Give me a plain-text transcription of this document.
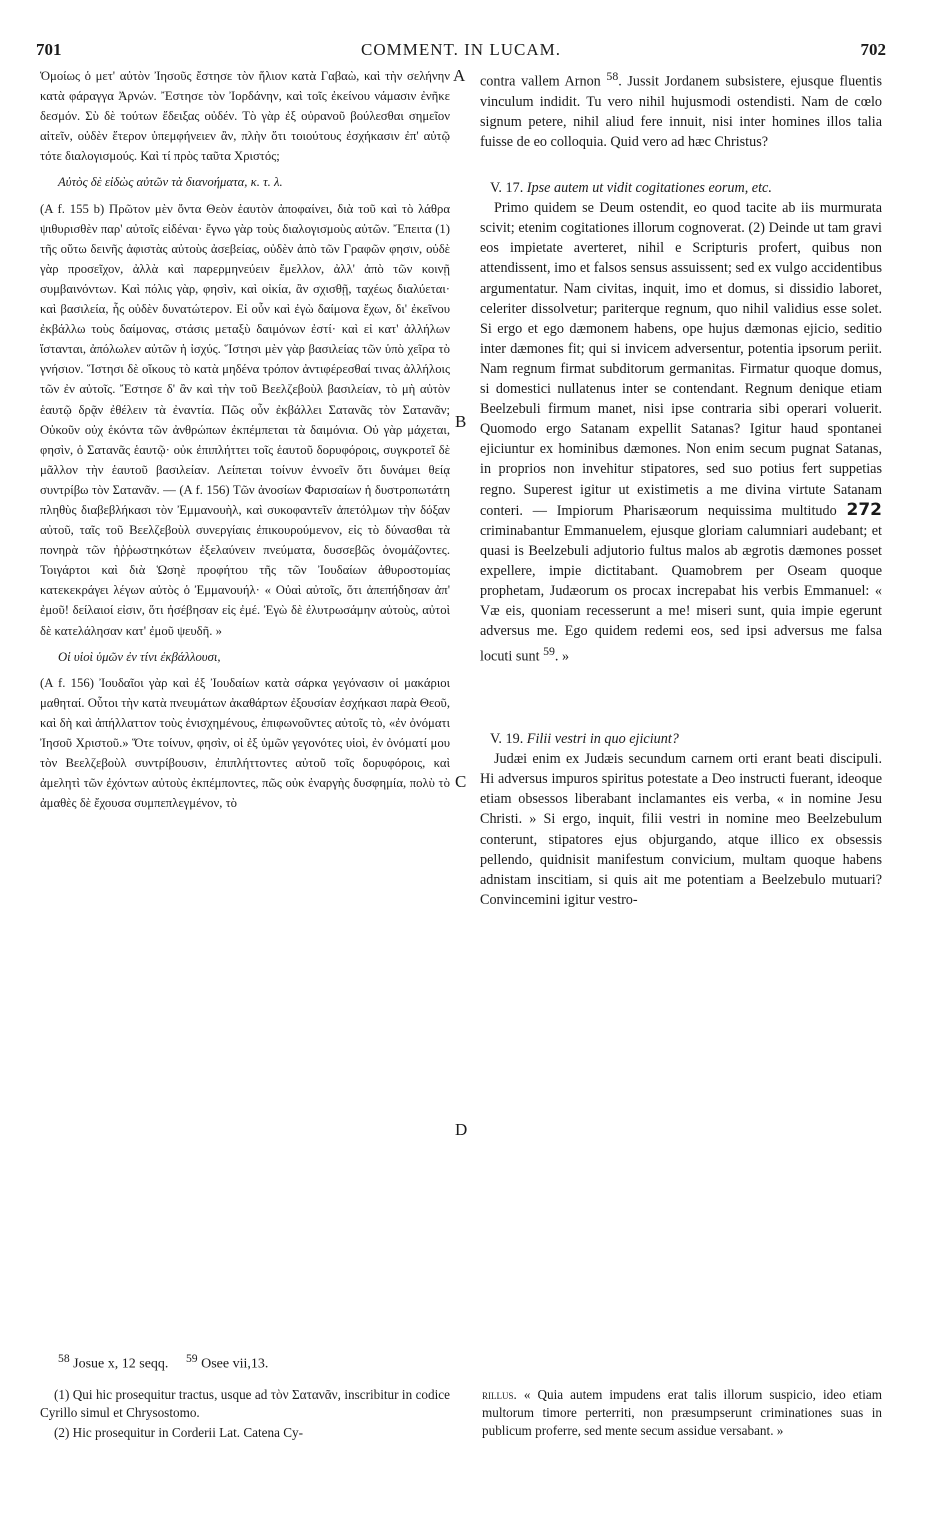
701	COMMENT. IN LUCAM.	702

Ὁμοίως ὁ μετ' αὐτὸν Ἰησοῦς ἔστησε τὸν ἥλιον κατὰ Γαβαὼ, καὶ τὴν σελήνην κατὰ φάραγγα Ἀρνών. Ἔστησε τὸν Ἰορδάνην, καὶ τοῖς ἐκείνου νάμασιν ἐνῆκε δεσμόν. Σὺ δὲ τούτων ἔδειξας οὐδέν. Τὸ γὰρ ἐξ οὐρανοῦ βούλεσθαι σημεῖον αἰτεῖν, οὐδὲν ἕτερον ὑπεμφήνειεν ἂν, πλὴν ὅτι τοιούτους ἐσχήκασιν ἐπ' αὐτῷ τότε διαλογισμούς. Καὶ τί πρὸς ταῦτα Χριστός;

Αὐτὸς δὲ εἰδὼς αὐτῶν τὰ διανοήματα, κ. τ. λ.

(A f. 155 b) Πρῶτον μὲν ὄντα Θεὸν ἑαυτὸν ἀποφαίνει, διὰ τοῦ καὶ τὸ λάθρα ψιθυρισθὲν παρ' αὐτοῖς εἰδέναι· ἔγνω γὰρ τοὺς διαλογισμοὺς αὐτῶν. Ἔπειτα (1) τῆς οὕτω δεινῆς ἀφιστὰς αὐτοὺς ἀσεβείας, οὐδὲν ἀπὸ τῶν Γραφῶν φησιν, οὐδὲ γὰρ προσεῖχον, ἀλλὰ καὶ παρερμηνεύειν ἔμελλον, ἀλλ' ἀπὸ τῶν κοινῇ συμβαινόντων. Καὶ πόλις γὰρ, φησὶν, καὶ οἰκία, ἂν σχισθῇ, ταχέως διαλύεται· καὶ βασιλεία, ἧς οὐδὲν δυνατώτερον. Εἰ οὖν καὶ ἐγὼ δαίμονα ἔχων, δι' ἐκεῖνου ἐκβάλλω τοὺς δαίμονας, στάσις μεταξὺ δαιμόνων ἐστί· καὶ εἰ κατ' ἀλλήλων ἵστανται, ἀπόλωλεν αὐτῶν ἡ ἰσχύς. Ἵστησι μὲν γὰρ βασιλείας τῶν ὑπὸ χεῖρα τὸ γνήσιον. Ἵστησι δὲ οἴκους τὸ κατὰ μηδένα τρόπον ἀντιφέρεσθαί τινας ἀλλήλοις τῶν ἐν αὐτοῖς. Ἔστησε δ' ἂν καὶ τὴν τοῦ Βεελζεβοὺλ βασιλείαν, τὸ μὴ αὐτὸν ἑαυτῷ δρᾷν ἐθέλειν τὰ ἐναντία. Πῶς οὖν ἐκβάλλει Σατανᾶς τὸν Σατανᾶν; Οὐκοῦν οὐχ ἑκόντα τῶν ἀνθρώπων ἐκπέμπεται τὰ δαιμόνια. Οὐ γὰρ μάχεται, φησὶν, ὁ Σατανᾶς ἑαυτῷ· οὐκ ἐπιπλήττει τοῖς ἑαυτοῦ δορυφόροις, συγκροτεῖ δὲ μᾶλλον τὴν ἑαυτοῦ βασιλείαν. Λείπεται τοίνυν ἐννοεῖν ὅτι δυνάμει θείᾳ συντρίβω τὸν Σατανᾶν. — (A f. 156) Τῶν ἀνοσίων Φαρισαίων ἡ δυστροπωτάτη πληθὺς διαβεβλήκασι τὸν Ἐμμανουὴλ, καὶ συκοφαντεῖν ἀπετόλμων τὴν δόξαν αὐτοῦ, ταῖς τοῦ Βεελζεβοὺλ συνεργίαις ἐπικουρούμενον, εἰς τὸ δύνασθαι τὰ πονηρὰ τῶν ἠῤῥωστηκότων ἐξελαύνειν πνεύματα, δυσσεβῶς ὀνομάζοντες. Τοιγάρτοι καὶ διὰ Ὡσηὲ προφήτου τῆς τῶν Ἰουδαίων ἀθυροστομίας κατεκεκράγει λέγων αὐτὸς ὁ Ἐμμανουήλ· « Οὐαὶ αὐτοῖς, ὅτι ἀπεπήδησαν ἀπ' ἐμοῦ! δείλαιοί εἰσιν, ὅτι ἠσέβησαν εἰς ἐμέ. Ἐγὼ δὲ ἐλυτρωσάμην αὐτοὺς, αὐτοὶ δὲ κατελάλησαν κατ' ἐμοῦ ψευδῆ. »

Οἱ υἱοὶ ὑμῶν ἐν τίνι ἐκβάλλουσι,

(A f. 156) Ἰουδαῖοι γὰρ καὶ ἐξ Ἰουδαίων κατὰ σάρκα γεγόνασιν οἱ μακάριοι μαθηταί. Οὗτοι τὴν κατὰ πνευμάτων ἀκαθάρτων ἐξουσίαν ἐσχήκασι παρὰ Θεοῦ, καὶ δὴ καὶ ἀπήλλαττον τοὺς ἐνισχημένους, ἐπιφωνοῦντες αὐτοῖς τὸ, «ἐν ὀνόματι Ἰησοῦ Χριστοῦ.» Ὅτε τοίνυν, φησὶν, οἱ ἐξ ὑμῶν γεγονότες υἱοὶ, ἐν ὀνόματί μου τὸν Βεελζεβοὺλ συντρίβουσιν, ἐπιπλήττοντες αὐτοῦ τοῖς δορυφόροις, καὶ ἀμελητὶ τῶν ἐχόντων αὐτοὺς ἐκπέμποντες, πῶς οὐκ ἐναργὴς δυσφημία, πολὺ τὸ ἀμαθὲς δὲ ἔχουσα συμπεπλεγμένον, τὸ

A
B
C
D

contra vallem Arnon $^{58}$. Jussit Jordanem subsistere, ejusque fluentis vinculum indidit. Tu vero nihil hujusmodi ostendisti. Nam de cœlo signum petere, nihil aliud fere innuit, nisi inter homines illos talia fuisse de eo colloquia. Quid vero ad hæc Christus?

V. 17. Ipse autem ut vidit cogitationes eorum, etc.

Primo quidem se Deum ostendit, eo quod tacite ab iis murmurata scivit; etenim cogitationes illorum cognoverat. (2) Deinde ut tam gravi eos impietate averteret, nihil e Scripturis profert, quibus non attendissent, imo et falsos sensus assuissent; sed ex vulgo accidentibus argumentatur. Nam civitas, inquit, imo et domus, si dissidio laboret, celeriter dissolvetur; pariterque regnum, quo nihil validius esse solet. Si ergo et ego dæmonem habens, ope hujus dæmonas ejicio, seditio inter dæmones fit; qui si invicem adversentur, potentia ipsorum periit. Nam regnum firmat subditorum germanitas. Firmatur quoque domus, si domestici nullatenus inter se contendant. Regnum denique etiam Beelzebuli firmum manet, nisi ipse contraria sibi operari voluerit. Quomodo ergo Satanam expellit Satanas? Igitur haud spontanei ejiciuntur ex hominibus dæmones. Non enim secum pugnat Satanas, in proprios non invehitur stipatores, sed suo potius fert suppetias regno. Superest igitur ut existimetis a me divina virtute Satanam conteri. — Impiorum Pharisæorum nequissima multitudo 272 criminabantur Emmanuelem, ejusque gloriam calumniari audebant; et quasi is Beelzebuli adjutorio fultus malos ab ægrotis dæmones posset expellere, impie dictitabant. Quamobrem per Oseam quoque prophetam, Judæorum os procax increpabat his verbis Emmanuel: « Væ eis, quoniam recesserunt a me! miseri sunt, quia impie egerunt adversus me. Ego quidem redemi eos, sed ipsi adversus me falsa locuti sunt $^{59}$. »

V. 19. Filii vestri in quo ejiciunt?

Judæi enim ex Judæis secundum carnem orti erant beati discipuli. Hi adversus impuros spiritus potestate a Deo instructi fuerant, ideoque etiam obsessos liberabant inclamantes eis verba, « in nomine Jesu Christi. » Si ergo, inquit, filii vestri in nomine meo Beelzebulum conterunt, stipatores ejus objurgando, atque illico ex obsessis pellendo, quidnisit manifestum convicium, multam quoque habens adnistam inscitiam, si quis ait me potentiam a Beelzebulo mutuari? Convincemini igitur vestro-

$^{58}$ Josue x, 12 seqq. $^{59}$ Osee vii,13.

(1) Qui hic prosequitur tractus, usque ad τὸν Σατανᾶν, inscribitur in codice Cyrillo simul et Chrysostomo.

(2) Hic prosequitur in Corderii Lat. Catena Cy-

rillus. « Quia autem impudens erat talis illorum suspicio, ideo etiam multorum timore perterriti, non præsumpserunt criminationes suas in publicum proferre, sed mente secum assidue versabant. »
